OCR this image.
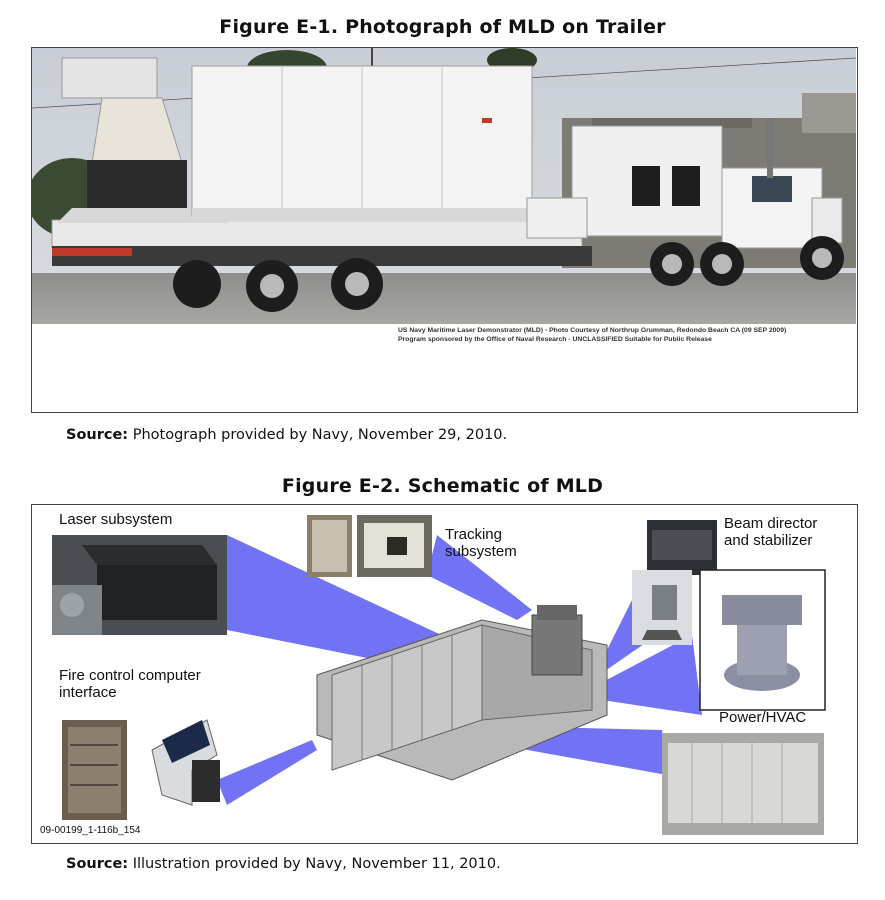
Figure E-1. Photograph of MLD on Trailer
US Navy Maritime Laser Demonstrator (MLD) - Photo Courtesy of Northrup Grumman, Redondo Beach CA (09 SEP 2009)
Program sponsored by the Office of Naval Research - UNCLASSIFIED Suitable for Public Release
Source: Photograph provided by Navy, November 29, 2010.
Figure E-2. Schematic of MLD
Laser subsystem
Tracking
subsystem
Beam director
and stabilizer
Fire control computer
interface
Power/HVAC
09-00199_1-116b_154
Source: Illustration provided by Navy, November 11, 2010.
